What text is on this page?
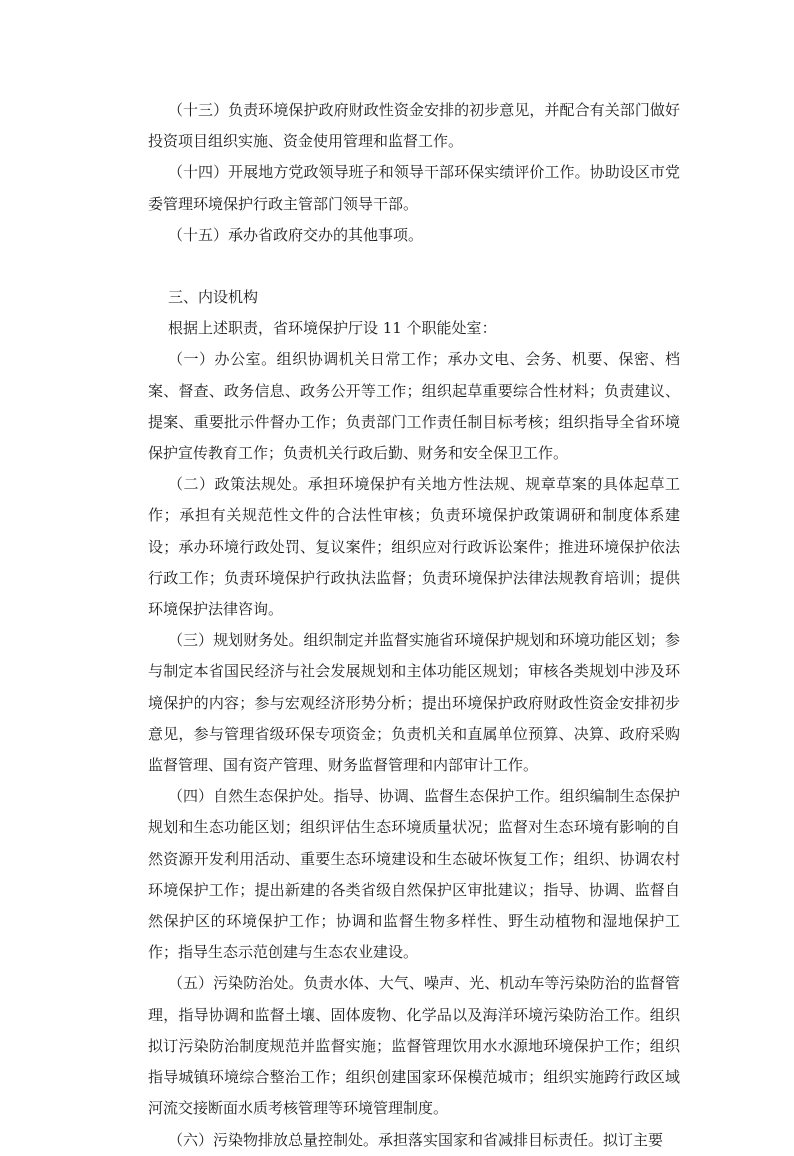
（十三）负责环境保护政府财政性资金安排的初步意见，并配合有关部门做好投资项目组织实施、资金使用管理和监督工作。

（十四）开展地方党政领导班子和领导干部环保实绩评价工作。协助设区市党委管理环境保护行政主管部门领导干部。

（十五）承办省政府交办的其他事项。

三、内设机构

根据上述职责，省环境保护厅设 11 个职能处室：

（一）办公室。组织协调机关日常工作；承办文电、会务、机要、保密、档案、督查、政务信息、政务公开等工作；组织起草重要综合性材料；负责建议、提案、重要批示件督办工作；负责部门工作责任制目标考核；组织指导全省环境保护宣传教育工作；负责机关行政后勤、财务和安全保卫工作。

（二）政策法规处。承担环境保护有关地方性法规、规章草案的具体起草工作；承担有关规范性文件的合法性审核；负责环境保护政策调研和制度体系建设；承办环境行政处罚、复议案件；组织应对行政诉讼案件；推进环境保护依法行政工作；负责环境保护行政执法监督；负责环境保护法律法规教育培训；提供环境保护法律咨询。

（三）规划财务处。组织制定并监督实施省环境保护规划和环境功能区划；参与制定本省国民经济与社会发展规划和主体功能区规划；审核各类规划中涉及环境保护的内容；参与宏观经济形势分析；提出环境保护政府财政性资金安排初步意见，参与管理省级环保专项资金；负责机关和直属单位预算、决算、政府采购监督管理、国有资产管理、财务监督管理和内部审计工作。

（四）自然生态保护处。指导、协调、监督生态保护工作。组织编制生态保护规划和生态功能区划；组织评估生态环境质量状况；监督对生态环境有影响的自然资源开发利用活动、重要生态环境建设和生态破坏恢复工作；组织、协调农村环境保护工作；提出新建的各类省级自然保护区审批建议；指导、协调、监督自然保护区的环境保护工作；协调和监督生物多样性、野生动植物和湿地保护工作；指导生态示范创建与生态农业建设。

（五）污染防治处。负责水体、大气、噪声、光、机动车等污染防治的监督管理，指导协调和监督土壤、固体废物、化学品以及海洋环境污染防治工作。组织拟订污染防治制度规范并监督实施；监督管理饮用水水源地环境保护工作；组织指导城镇环境综合整治工作；组织创建国家环保模范城市；组织实施跨行政区域河流交接断面水质考核管理等环境管理制度。

（六）污染物排放总量控制处。承担落实国家和省减排目标责任。拟订主要
